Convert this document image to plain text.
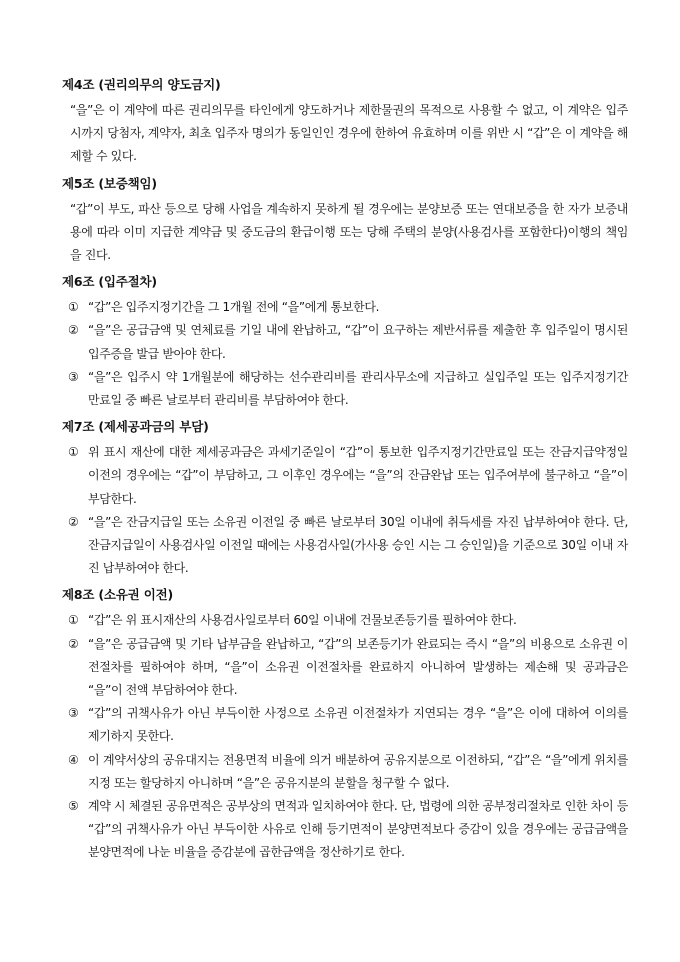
제4조 (권리의무의 양도금지)
“을”은 이 계약에 따른 권리의무를 타인에게 양도하거나 제한물권의 목적으로 사용할 수 없고, 이 계약은 입주 시까지 당첨자, 계약자, 최초 입주자 명의가 동일인인 경우에 한하여 유효하며 이를 위반 시 “갑”은 이 계약을 해제할 수 있다.
제5조 (보증책임)
“갑”이 부도, 파산 등으로 당해 사업을 계속하지 못하게 될 경우에는 분양보증 또는 연대보증을 한 자가 보증내용에 따라 이미 지급한 계약금 및 중도금의 환급이행 또는 당해 주택의 분양(사용검사를 포함한다)이행의 책임을 진다.
제6조 (입주절차)
① “갑”은 입주지정기간을 그 1개월 전에 “을”에게 통보한다.
② “을”은 공급금액 및 연체료를 기일 내에 완납하고, “갑”이 요구하는 제반서류를 제출한 후 입주일이 명시된 입주증을 발급 받아야 한다.
③ “을”은 입주시 약 1개월분에 해당하는 선수관리비를 관리사무소에 지급하고 실입주일 또는 입주지정기간 만료일 중 빠른 날로부터 관리비를 부담하여야 한다.
제7조 (제세공과금의 부담)
① 위 표시 재산에 대한 제세공과금은 과세기준일이 “갑”이 통보한 입주지정기간만료일 또는 잔금지급약정일 이전의 경우에는 “갑”이 부담하고, 그 이후인 경우에는 “을”의 잔금완납 또는 입주여부에 불구하고 “을”이 부담한다.
② “을”은 잔금지급일 또는 소유권 이전일 중 빠른 날로부터 30일 이내에 취득세를 자진 납부하여야 한다. 단, 잔금지급일이 사용검사일 이전일 때에는 사용검사일(가사용 승인 시는 그 승인일)을 기준으로 30일 이내 자진 납부하여야 한다.
제8조 (소유권 이전)
① “갑”은 위 표시재산의 사용검사일로부터 60일 이내에 건물보존등기를 필하여야 한다.
② “을”은 공급금액 및 기타 납부금을 완납하고, “갑”의 보존등기가 완료되는 즉시 “을”의 비용으로 소유권 이전절차를 필하여야 하며, “을”이 소유권 이전절차를 완료하지 아니하여 발생하는 제손해 및 공과금은 “을”이 전액 부담하여야 한다.
③ “갑”의 귀책사유가 아닌 부득이한 사정으로 소유권 이전절차가 지연되는 경우 “을”은 이에 대하여 이의를 제기하지 못한다.
④ 이 계약서상의 공유대지는 전용면적 비율에 의거 배분하여 공유지분으로 이전하되, “갑”은 “을”에게 위치를 지정 또는 할당하지 아니하며 “을”은 공유지분의 분할을 청구할 수 없다.
⑤ 계약 시 체결된 공유면적은 공부상의 면적과 일치하여야 한다. 단, 법령에 의한 공부정리절차로 인한 차이 등 “갑”의 귀책사유가 아닌 부득이한 사유로 인해 등기면적이 분양면적보다 증감이 있을 경우에는 공급금액을 분양면적에 나눈 비율을 증감분에 곱한금액을 정산하기로 한다.
